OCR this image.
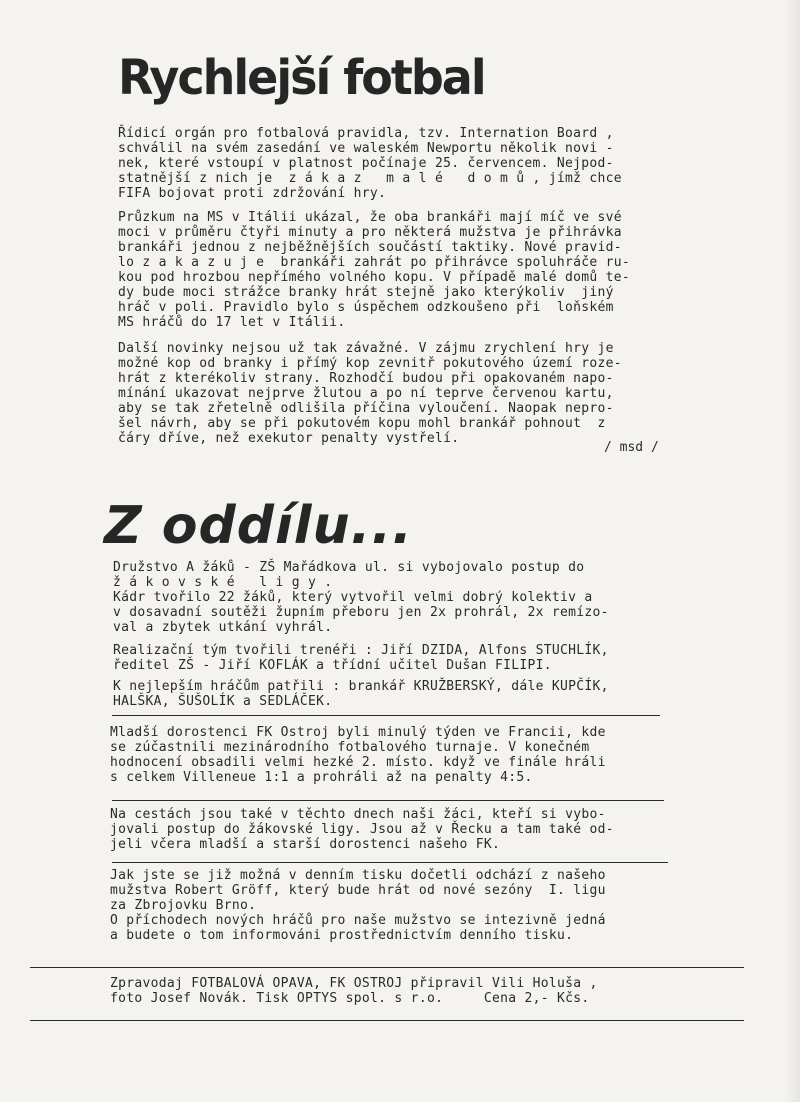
Rychlejší fotbal
Řídicí orgán pro fotbalová pravidla, tzv. Internation Board ,
schválil na svém zasedání ve waleském Newportu několik novi -
nek, které vstoupí v platnost počínaje 25. červencem. Nejpod-
statnější z nich je  z á k a z   m a l é   d o m ů , jímž chce
FIFA bojovat proti zdržování hry.
Průzkum na MS v Itálii ukázal, že oba brankáři mají míč ve své
moci v průměru čtyři minuty a pro některá mužstva je přihrávka
brankáři jednou z nejběžnějších součástí taktiky. Nové pravid-
lo z a k a z u j e  brankáři zahrát po přihrávce spoluhráče ru-
kou pod hrozbou nepřímého volného kopu. V případě malé domů te-
dy bude moci strážce branky hrát stejně jako kterýkoliv  jiný
hráč v poli. Pravidlo bylo s úspěchem odzkoušeno při  loňském
MS hráčů do 17 let v Itálii.
Další novinky nejsou už tak závažné. V zájmu zrychlení hry je
možné kop od branky i přímý kop zevnitř pokutového území roze-
hrát z kterékoliv strany. Rozhodčí budou při opakovaném napo-
mínání ukazovat nejprve žlutou a po ní teprve červenou kartu,
aby se tak zřetelně odlišila příčina vyloučení. Naopak nepro-
šel návrh, aby se při pokutovém kopu mohl brankář pohnout  z
čáry dříve, než exekutor penalty vystřelí.
/ msd /
Z oddílu...
Družstvo A žáků - ZŠ Mařádkova ul. si vybojovalo postup do
ž á k o v s k é   l i g y .
Kádr tvořilo 22 žáků, který vytvořil velmi dobrý kolektiv a
v dosavadní soutěži župním přeboru jen 2x prohrál, 2x remízo-
val a zbytek utkání vyhrál.
Realizační tým tvořili trenéři : Jiří DZIDA, Alfons STUCHLÍK,
ředitel ZŠ - Jiří KOFLÁK a třídní učitel Dušan FILIPI.
K nejlepším hráčům patřili : brankář KRUŽBERSKÝ, dále KUPČÍK,
HALŠKA, ŠUŠOLÍK a SEDLÁČEK.
Mladší dorostenci FK Ostroj byli minulý týden ve Francii, kde
se zúčastnili mezinárodního fotbalového turnaje. V konečném
hodnocení obsadili velmi hezké 2. místo. když ve finále hráli
s celkem Villeneue 1:1 a prohráli až na penalty 4:5.
Na cestách jsou také v těchto dnech naši žáci, kteří si vybo-
jovali postup do žákovské ligy. Jsou až v Řecku a tam také od-
jeli včera mladší a starší dorostenci našeho FK.
Jak jste se již možná v denním tisku dočetli odchází z našeho
mužstva Robert Gröff, který bude hrát od nové sezóny  I. ligu
za Zbrojovku Brno.
O příchodech nových hráčů pro naše mužstvo se intezivně jedná
a budete o tom informováni prostřednictvím denního tisku.
Zpravodaj FOTBALOVÁ OPAVA, FK OSTROJ připravil Vili Holuša ,
foto Josef Novák. Tisk OPTYS spol. s r.o.     Cena 2,- Kčs.
